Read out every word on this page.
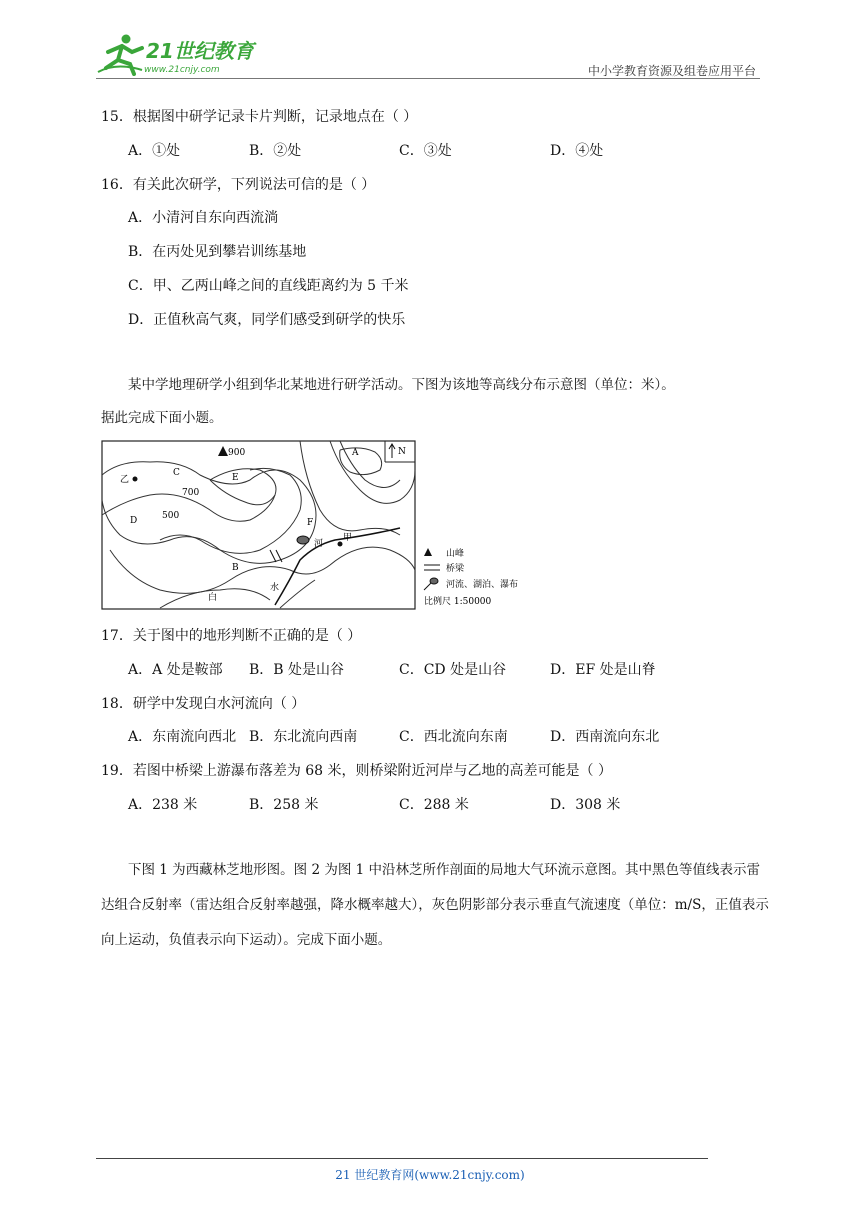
21世纪教育
www.21cnjy.com	中小学教育资源及组卷应用平台
15．根据图中研学记录卡片判断，记录地点在（ ）
A．①处	B．②处	C．③处	D．④处
16．有关此次研学，下列说法可信的是（ ）
A．小清河自东向西流淌
B．在丙处见到攀岩训练基地
C．甲、乙两山峰之间的直线距离约为 5 千米
D．正值秋高气爽，同学们感受到研学的快乐

某中学地理研学小组到华北某地进行研学活动。下图为该地等高线分布示意图（单位：米）。

据此完成下面小题。
N
900
700
500
A
B
C
D
E
F
乙
甲
河
水
白
山峰
桥梁
河流、湖泊、瀑布
比例尺 1:50000
17．关于图中的地形判断不正确的是（ ）
A．A 处是鞍部 B．B 处是山谷	C．CD 处是山谷	D．EF 处是山脊
18．研学中发现白水河流向（ ）
A．东南流向西北 B．东北流向西南	C．西北流向东南	D．西南流向东北
19．若图中桥梁上游瀑布落差为 68 米，则桥梁附近河岸与乙地的高差可能是（ ）
A．238 米	B．258 米	C．288 米	D．308 米

下图 1 为西藏林芝地形图。图 2 为图 1 中沿林芝所作剖面的局地大气环流示意图。其中黑色等值线表示雷达组合反射率（雷达组合反射率越强，降水概率越大），灰色阴影部分表示垂直气流速度（单位：m/S，正值表示向上运动，负值表示向下运动）。完成下面小题。

21 世纪教育网(www.21cnjy.com)
